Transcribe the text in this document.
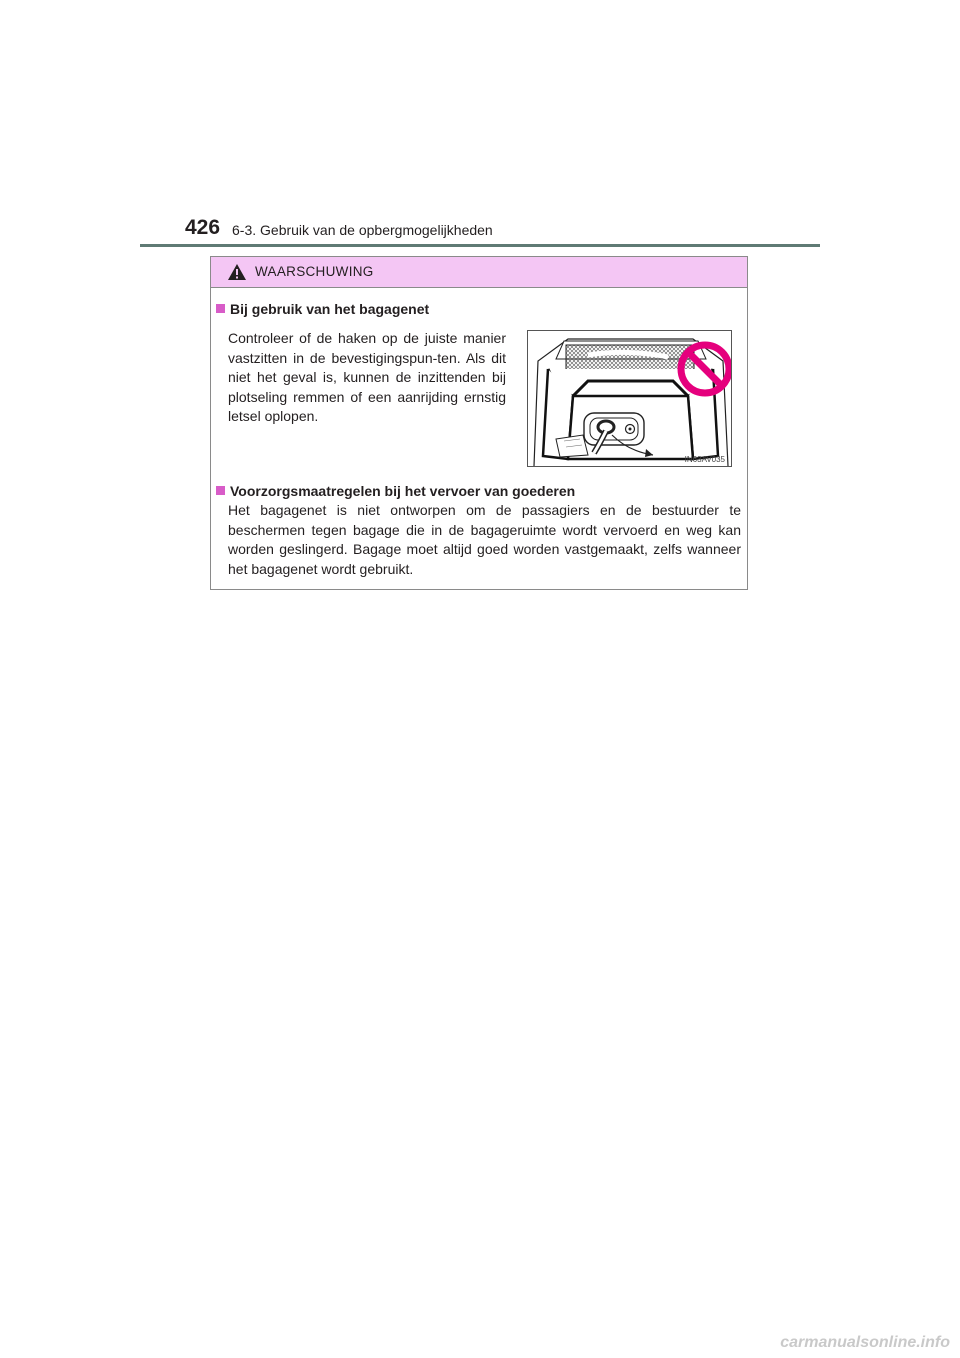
426 6-3. Gebruik van de opbergmogelijkheden
WAARSCHUWING
Bij gebruik van het bagagenet
Controleer of de haken op de juiste manier vastzitten in de bevestigingspun-ten. Als dit niet het geval is, kunnen de inzittenden bij plotseling remmen of een aanrijding ernstig letsel oplopen.
IN63AV035
Voorzorgsmaatregelen bij het vervoer van goederen
Het bagagenet is niet ontworpen om de passagiers en de bestuurder te beschermen tegen bagage die in de bagageruimte wordt vervoerd en weg kan worden geslingerd. Bagage moet altijd goed worden vastgemaakt, zelfs wanneer het bagagenet wordt gebruikt.
carmanualsonline.info
